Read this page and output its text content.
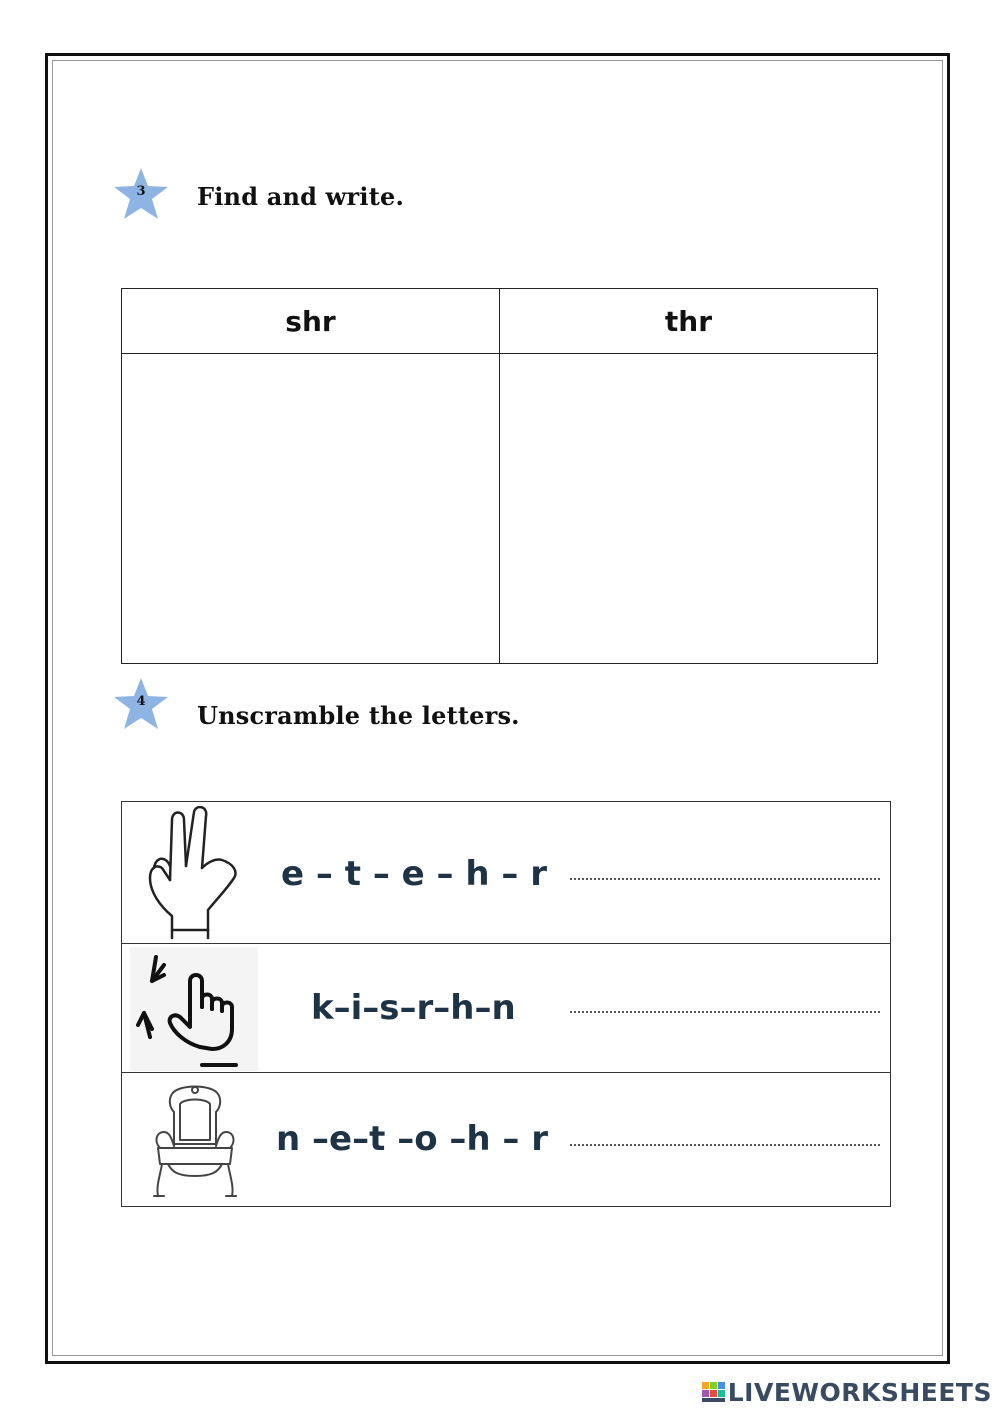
3	Find and write.
shr	thr

4	Unscramble the letters.
e – t – e – h – r
k–i–s–r–h–n
n –e–t –o –h – r
LIVEWORKSHEETS
